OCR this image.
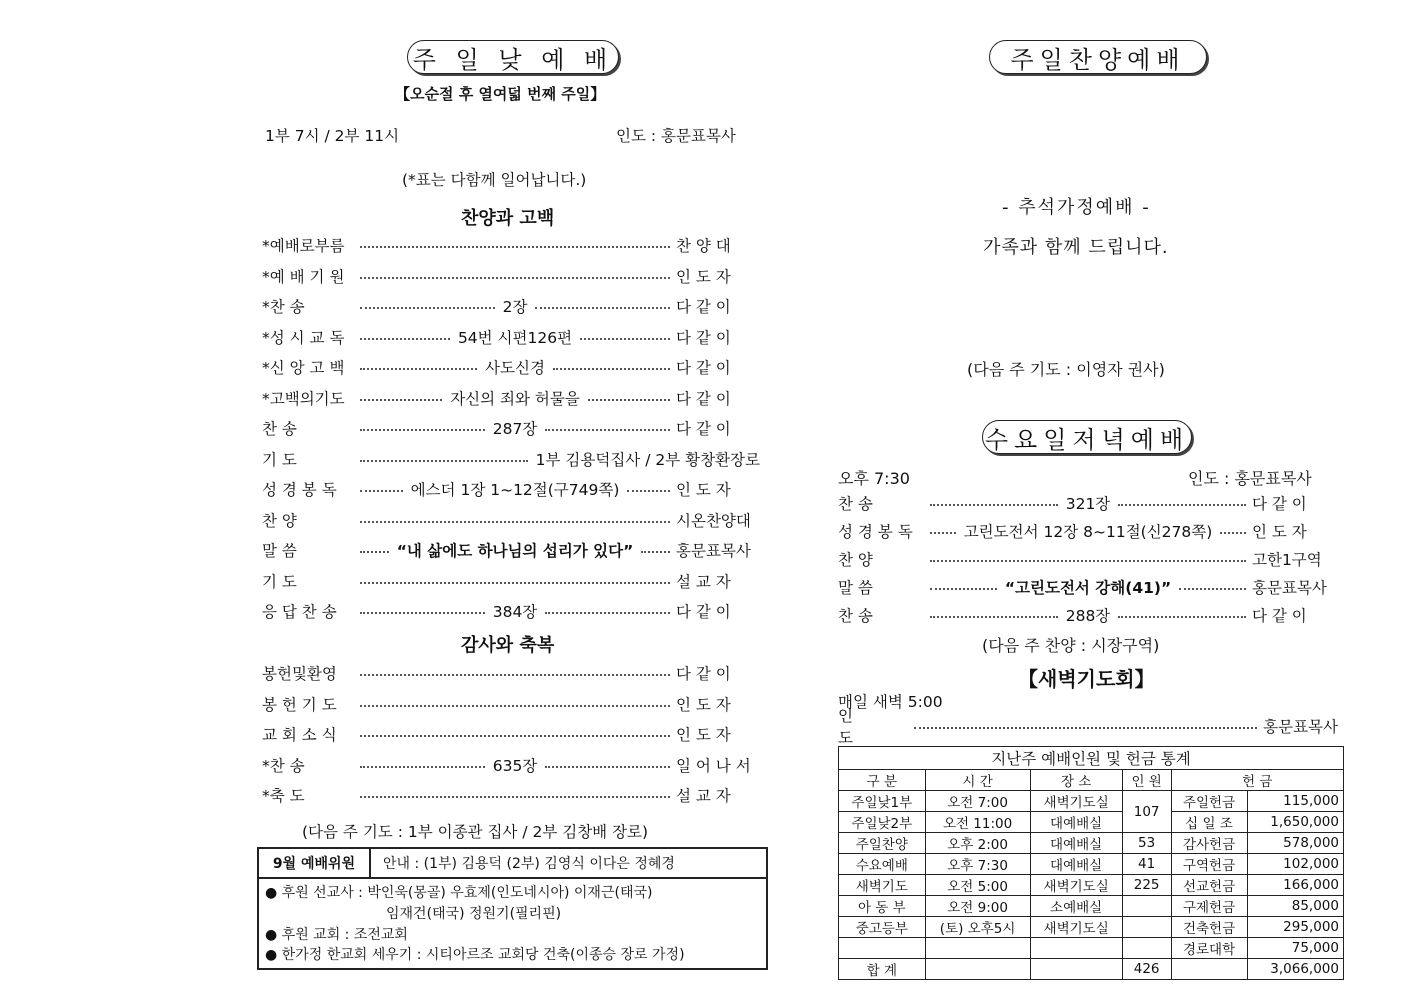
주 일 낮 예 배
【오순절 후 열여덟 번째 주일】
1부 7시 / 2부 11시	인도 : 홍문표목사
(*표는 다함께 일어납니다.)
찬양과 고백
*예배로부름	찬 양 대
*예 배 기 원	인 도 자
*찬 송	2장	다 같 이
*성 시 교 독	54번 시편126편	다 같 이
*신 앙 고 백	사도신경	다 같 이
*고백의기도	자신의 죄와 허물을	다 같 이
찬 송	287장	다 같 이
기 도	1부 김용덕집사 / 2부 황창환장로
성 경 봉 독	에스더 1장 1~12절(구749쪽)	인 도 자
찬 양	시온찬양대
말 씀	“내 삶에도 하나님의 섭리가 있다”	홍문표목사
기 도	설 교 자
응 답 찬 송	384장	다 같 이
감사와 축복
봉헌및환영	다 같 이
봉 헌 기 도	인 도 자
교 회 소 식	인 도 자
*찬 송	635장	일 어 나 서
*축 도	설 교 자
(다음 주 기도 : 1부 이종관 집사 / 2부 김창배 장로)
9월 예배위원	안내 : (1부) 김용덕 (2부) 김영식 이다은 정혜경
● 후원 선교사 : 박인욱(몽골) 우효제(인도네시아) 이재근(태국)
임재건(태국) 정원기(필리핀)
● 후원 교회 : 조전교회
● 한가정 한교회 세우기 : 시티아르조 교회당 건축(이종승 장로 가정)
주일찬양예배
- 추석가정예배 -
가족과 함께 드립니다.
(다음 주 기도 : 이영자 권사)
수요일저녁예배
오후 7:30	인도 : 홍문표목사
찬 송	321장	다 같 이
성 경 봉 독	고린도전서 12장 8~11절(신278쪽)	인 도 자
찬 양	고한1구역
말 씀	“고린도전서 강해(41)”	홍문표목사
찬 송	288장	다 같 이
(다음 주 찬양 : 시장구역)
【새벽기도회】
매일 새벽 5:00
인 도
홍문표목사
지난주 예배인원 및 헌금 통계					
구 분	시 간	장 소	인 원	헌 금	
주일낮1부	오전 7:00	새벽기도실	107	주일헌금	115,000
주일낮2부	오전 11:00	대예배실		십 일 조	1,650,000
주일찬양	오후 2:00	대예배실	53	감사헌금	578,000
수요예배	오후 7:30	대예배실	41	구역헌금	102,000
새벽기도	오전 5:00	새벽기도실	225	선교헌금	166,000
아 동 부	오전 9:00	소예배실		구제헌금	85,000
중고등부	(토) 오후5시	새벽기도실		건축헌금	295,000
				경로대학	75,000
합 계			426		3,066,000
